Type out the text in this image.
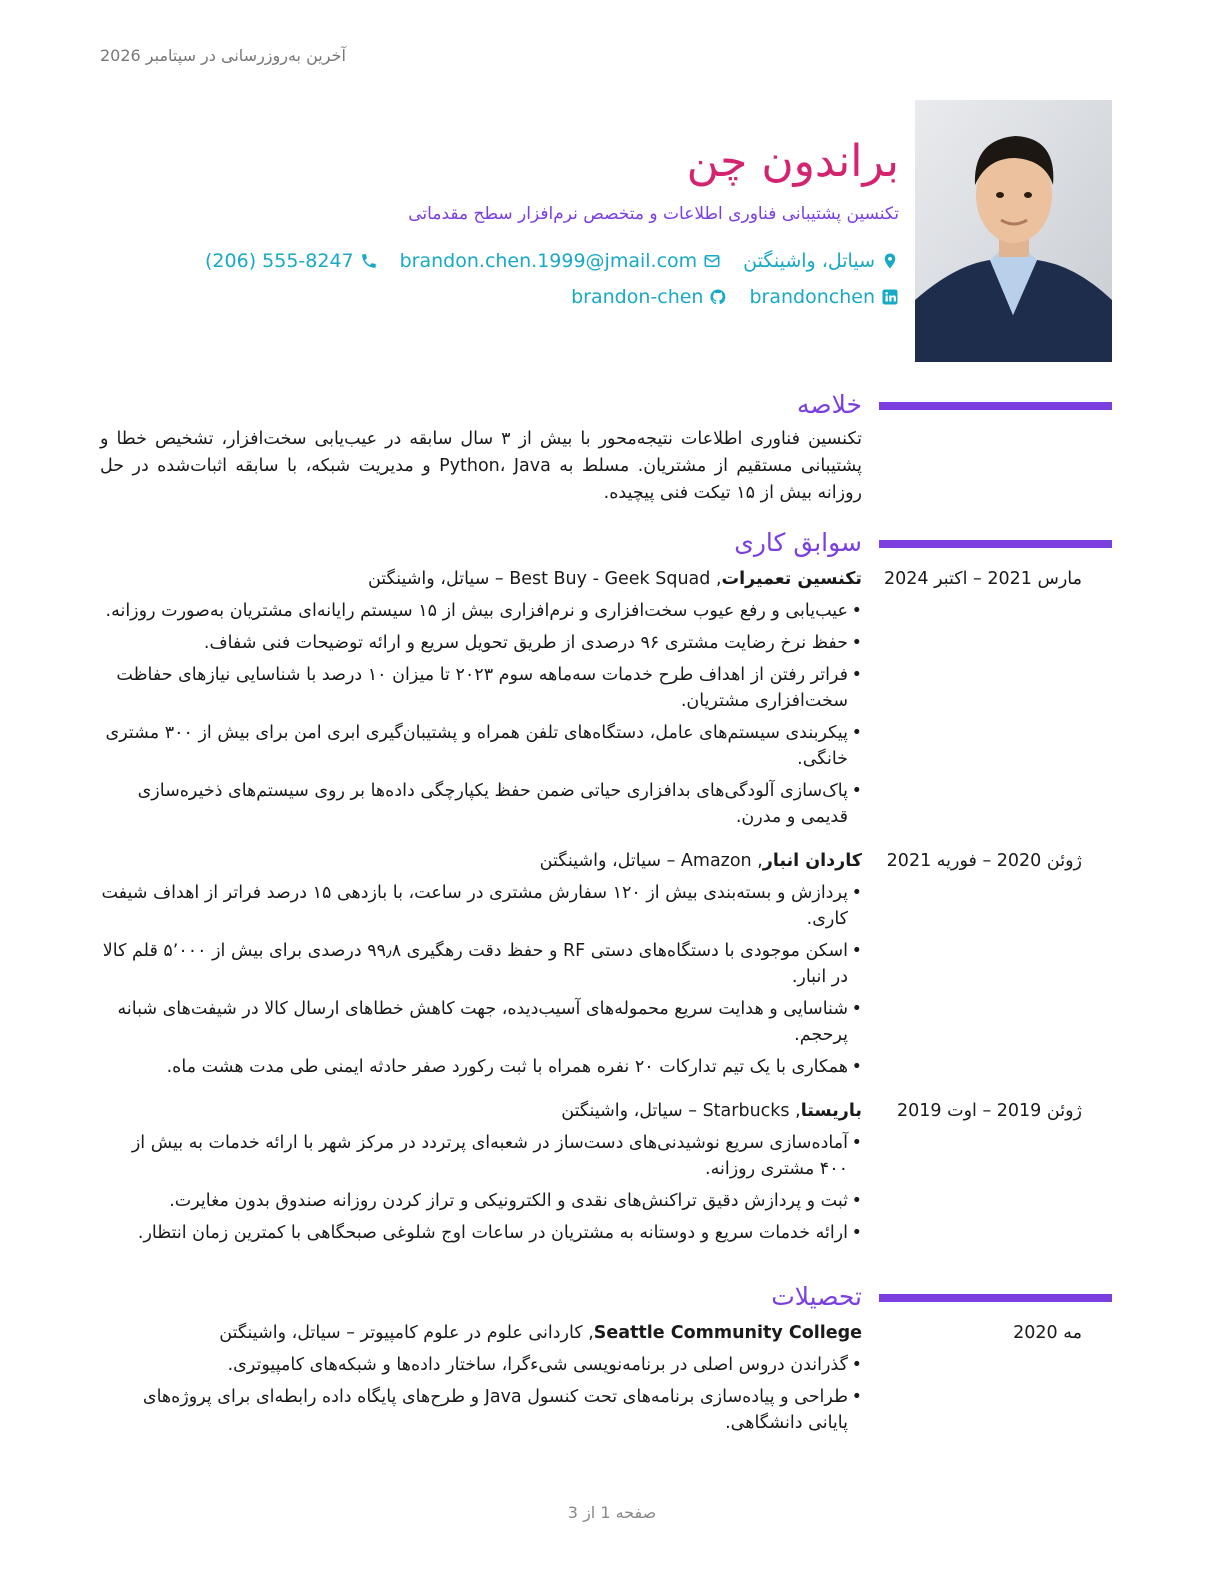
آخرین به‌روزرسانی در سپتامبر 2026
براندون چن
تکنسین پشتیبانی فناوری اطلاعات و متخصص نرم‌افزار سطح مقدماتی
سیاتل، واشینگتن
brandon.chen.1999@jmail.com
(206) 555-8247
brandonchen
brandon-chen
خلاصه

تکنسین فناوری اطلاعات نتیجه‌محور با بیش از ۳ سال سابقه در عیب‌یابی سخت‌افزار، تشخیص خطا و پشتیبانی مستقیم از مشتریان. مسلط به Python، Java و مدیریت شبکه، با سابقه اثبات‌شده در حل روزانه بیش از ۱۵ تیکت فنی پیچیده.

سوابق کاری
مارس 2021 – اکتبر 2024
تکنسین تعمیرات, Best Buy - Geek Squad – سیاتل، واشینگتن
• عیب‌یابی و رفع عیوب سخت‌افزاری و نرم‌افزاری بیش از ۱۵ سیستم رایانه‌ای مشتریان به‌صورت روزانه.
• حفظ نرخ رضایت مشتری ۹۶ درصدی از طریق تحویل سریع و ارائه توضیحات فنی شفاف.
• فراتر رفتن از اهداف طرح خدمات سه‌ماهه سوم ۲۰۲۳ تا میزان ۱۰ درصد با شناسایی نیازهای حفاظت سخت‌افزاری مشتریان.
• پیکربندی سیستم‌های عامل، دستگاه‌های تلفن همراه و پشتیبان‌گیری ابری امن برای بیش از ۳۰۰ مشتری خانگی.
• پاک‌سازی آلودگی‌های بدافزاری حیاتی ضمن حفظ یکپارچگی داده‌ها بر روی سیستم‌های ذخیره‌سازی قدیمی و مدرن.
ژوئن 2020 – فوریه 2021
کاردان انبار, Amazon – سیاتل، واشینگتن
• پردازش و بسته‌بندی بیش از ۱۲۰ سفارش مشتری در ساعت، با بازدهی ۱۵ درصد فراتر از اهداف شیفت کاری.
• اسکن موجودی با دستگاه‌های دستی RF و حفظ دقت رهگیری ۹۹٫۸ درصدی برای بیش از ۵٬۰۰۰ قلم کالا در انبار.
• شناسایی و هدایت سریع محموله‌های آسیب‌دیده، جهت کاهش خطاهای ارسال کالا در شیفت‌های شبانه پرحجم.
• همکاری با یک تیم تدارکات ۲۰ نفره همراه با ثبت رکورد صفر حادثه ایمنی طی مدت هشت ماه.
ژوئن 2019 – اوت 2019
باریستا, Starbucks – سیاتل، واشینگتن
• آماده‌سازی سریع نوشیدنی‌های دست‌ساز در شعبه‌ای پرتردد در مرکز شهر با ارائه خدمات به بیش از ۴۰۰ مشتری روزانه.
• ثبت و پردازش دقیق تراکنش‌های نقدی و الکترونیکی و تراز کردن روزانه صندوق بدون مغایرت.
• ارائه خدمات سریع و دوستانه به مشتریان در ساعات اوج شلوغی صبحگاهی با کمترین زمان انتظار.
تحصیلات
مه 2020
Seattle Community College, کاردانی علوم در علوم کامپیوتر – سیاتل، واشینگتن
• گذراندن دروس اصلی در برنامه‌نویسی شیءگرا، ساختار داده‌ها و شبکه‌های کامپیوتری.
• طراحی و پیاده‌سازی برنامه‌های تحت کنسول Java و طرح‌های پایگاه داده رابطه‌ای برای پروژه‌های پایانی دانشگاهی.
صفحه 1 از 3
